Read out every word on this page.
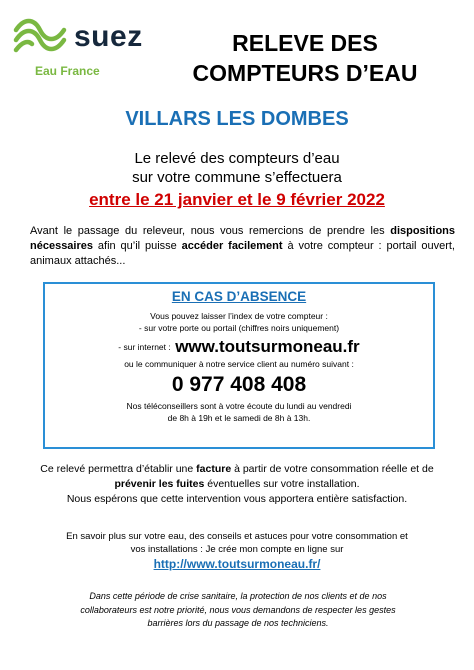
suez
Eau France
RELEVE DES
COMPTEURS D’EAU
VILLARS LES DOMBES
Le relevé des compteurs d’eau
sur votre commune s’effectuera
entre le 21 janvier et le 9 février 2022
Avant le passage du releveur, nous vous remercions de prendre les dispositions nécessaires afin qu’il puisse accéder facilement à votre compteur : portail ouvert, animaux attachés...
EN CAS D’ABSENCE
Vous pouvez laisser l’index de votre compteur :
- sur votre porte ou portail (chiffres noirs uniquement)
- sur internet : www.toutsurmoneau.fr
ou le communiquer à notre service client au numéro suivant :
0 977 408 408
Nos téléconseillers sont à votre écoute du lundi au vendredi
de 8h à 19h et le samedi de 8h à 13h.
Ce relevé permettra d’établir une facture à partir de votre consommation réelle et de prévenir les fuites éventuelles sur votre installation.
Nous espérons que cette intervention vous apportera entière satisfaction.
En savoir plus sur votre eau, des conseils et astuces pour votre consommation et
vos installations : Je crée mon compte en ligne sur
http://www.toutsurmoneau.fr/
Dans cette période de crise sanitaire, la protection de nos clients et de nos
collaborateurs est notre priorité, nous vous demandons de respecter les gestes
barrières lors du passage de nos techniciens.
